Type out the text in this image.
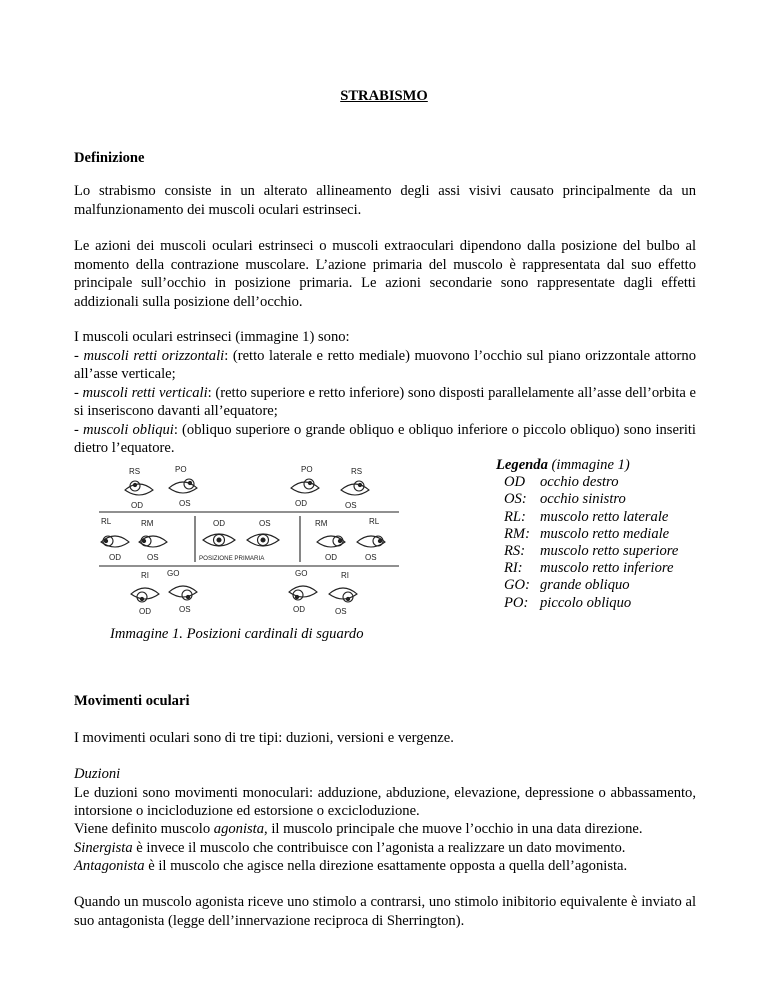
STRABISMO
Definizione

Lo strabismo consiste in un alterato allineamento degli assi visivi causato principalmente da un malfunzionamento dei muscoli oculari estrinseci.

Le azioni dei muscoli oculari estrinseci o muscoli extraoculari dipendono dalla posizione del bulbo al momento della contrazione muscolare. L’azione primaria del muscolo è rappresentata dal suo effetto principale sull’occhio in posizione primaria. Le azioni secondarie sono rappresentate dagli effetti addizionali sulla posizione dell’occhio.

I muscoli oculari estrinseci (immagine 1) sono:

- muscoli retti orizzontali: (retto laterale e retto mediale) muovono l’occhio sul piano orizzontale attorno all’asse verticale;

- muscoli retti verticali: (retto superiore e retto inferiore) sono disposti parallelamente all’asse dell’orbita e si inseriscono davanti all’equatore;

- muscoli obliqui: (obliquo superiore o grande obliquo e obliquo inferiore o piccolo obliquo) sono inseriti dietro l’equatore.

RS	PO
OD	OS
PO	RS
OD	OS
RL	RM
OD	OS
OD	OS
POSIZIONE PRIMARIA
RM	RL
OD	OS
RI GO
OD	OS
GO	RI
OD	OS
Immagine 1. Posizioni cardinali di sguardo
Legenda (immagine 1)
OD	occhio destro
OS:	occhio sinistro
RL:	muscolo retto laterale
RM:	muscolo retto mediale
RS:	muscolo retto superiore
RI:	muscolo retto inferiore
GO:	grande obliquo
PO:	piccolo obliquo
Movimenti oculari

I movimenti oculari sono di tre tipi: duzioni, versioni e vergenze.

Duzioni

Le duzioni sono movimenti monoculari: adduzione, abduzione, elevazione, depressione o abbassamento, intorsione o incicloduzione ed estorsione o excicloduzione.

Viene definito muscolo agonista, il muscolo principale che muove l’occhio in una data direzione.

Sinergista è invece il muscolo che contribuisce con l’agonista a realizzare un dato movimento.

Antagonista è il muscolo che agisce nella direzione esattamente opposta a quella dell’agonista.

Quando un muscolo agonista riceve uno stimolo a contrarsi, uno stimolo inibitorio equivalente è inviato al suo antagonista (legge dell’innervazione reciproca di Sherrington).
